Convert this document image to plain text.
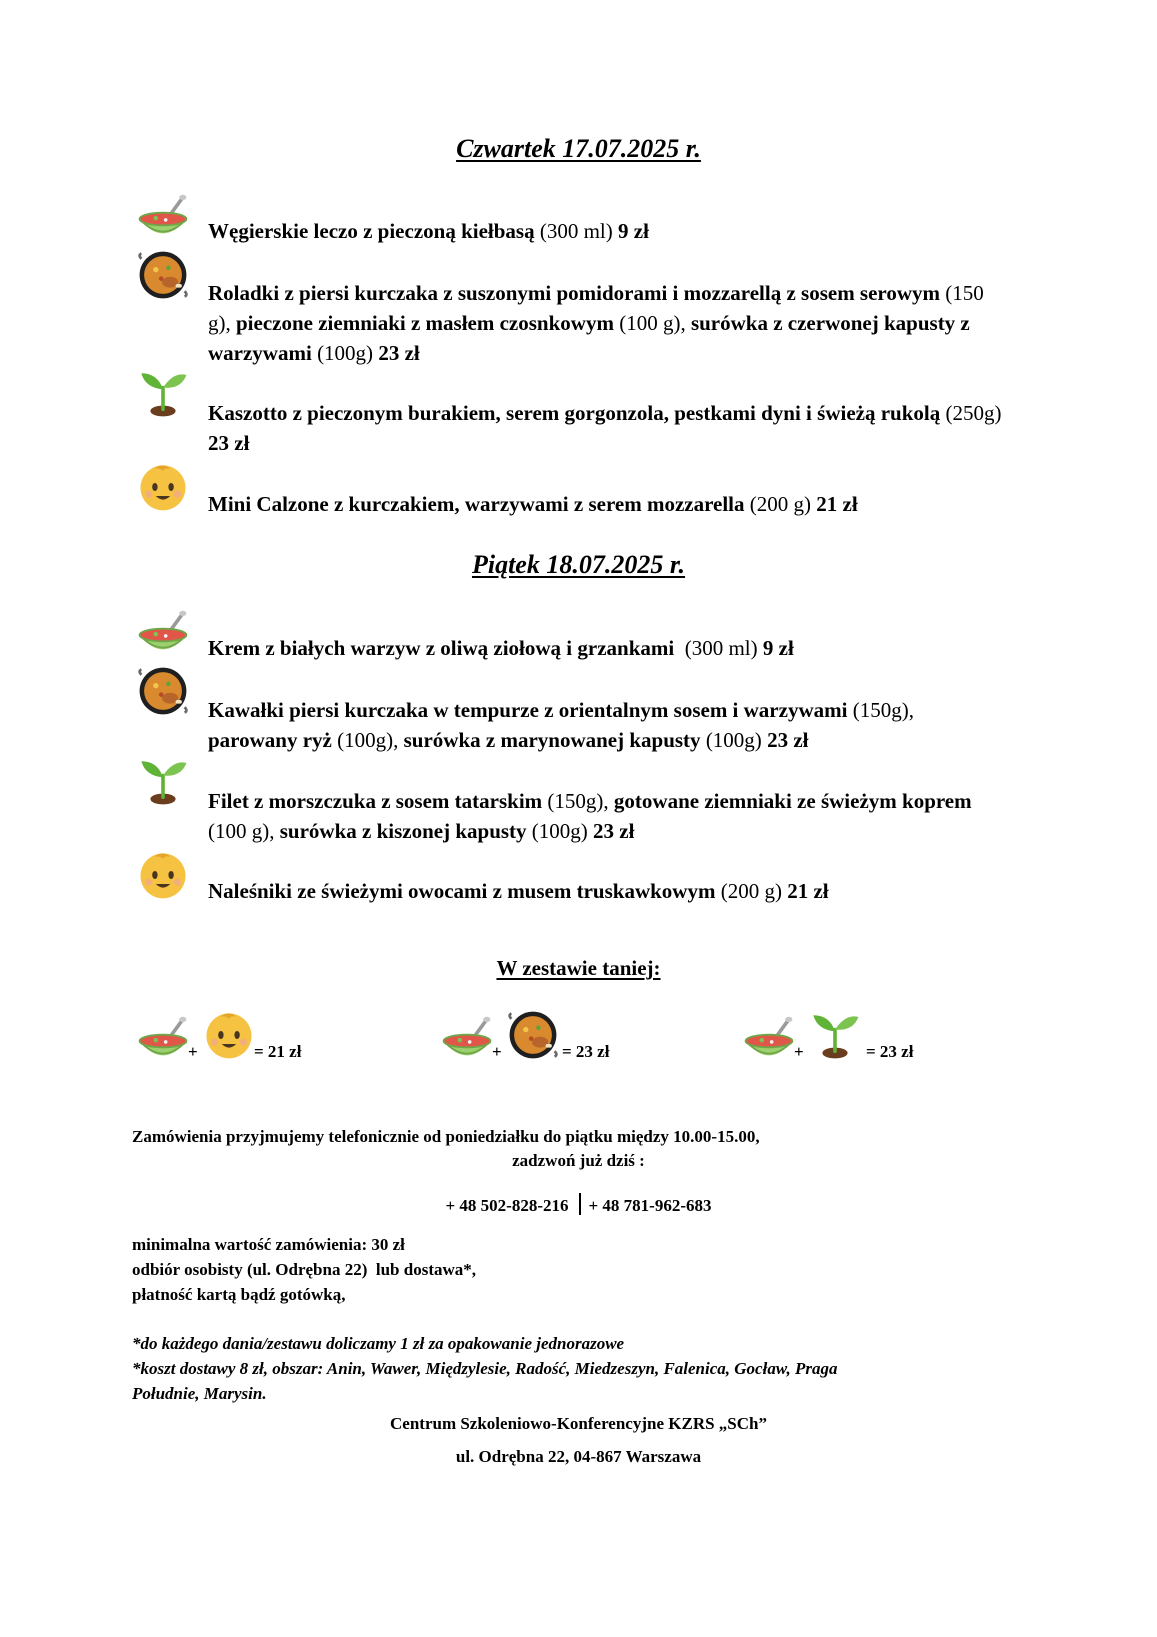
Czwartek 17.07.2025 r.
Węgierskie leczo z pieczoną kiełbasą (300 ml) 9 zł
Roladki z piersi kurczaka z suszonymi pomidorami i mozzarellą z sosem serowym (150 g), pieczone ziemniaki z masłem czosnkowym (100 g), surówka z czerwonej kapusty z warzywami (100g) 23 zł
Kaszotto z pieczonym burakiem, serem gorgonzola, pestkami dyni i świeżą rukolą (250g) 23 zł
Mini Calzone z kurczakiem, warzywami z serem mozzarella (200 g) 21 zł
Piątek 18.07.2025 r.
Krem z białych warzyw z oliwą ziołową i grzankami  (300 ml) 9 zł
Kawałki piersi kurczaka w tempurze z orientalnym sosem i warzywami (150g), parowany ryż (100g), surówka z marynowanej kapusty (100g) 23 zł
Filet z morszczuka z sosem tatarskim (150g), gotowane ziemniaki ze świeżym koprem (100 g), surówka z kiszonej kapusty (100g) 23 zł
Naleśniki ze świeżymi owocami z musem truskawkowym (200 g) 21 zł
W zestawie taniej:
+	= 21 zł	+	= 23 zł	+	= 23 zł
Zamówienia przyjmujemy telefonicznie od poniedziałku do piątku między 10.00-15.00,
zadzwoń już dziś :
+ 48 502-828-216 + 48 781-962-683
minimalna wartość zamówienia: 30 zł
odbiór osobisty (ul. Odrębna 22)  lub dostawa*,
płatność kartą bądź gotówką,
*do każdego dania/zestawu doliczamy 1 zł za opakowanie jednorazowe
*koszt dostawy 8 zł, obszar: Anin, Wawer, Międzylesie, Radość, Miedzeszyn, Falenica, Gocław, Praga
Południe, Marysin.
Centrum Szkoleniowo-Konferencyjne KZRS „SCh”
ul. Odrębna 22, 04-867 Warszawa
